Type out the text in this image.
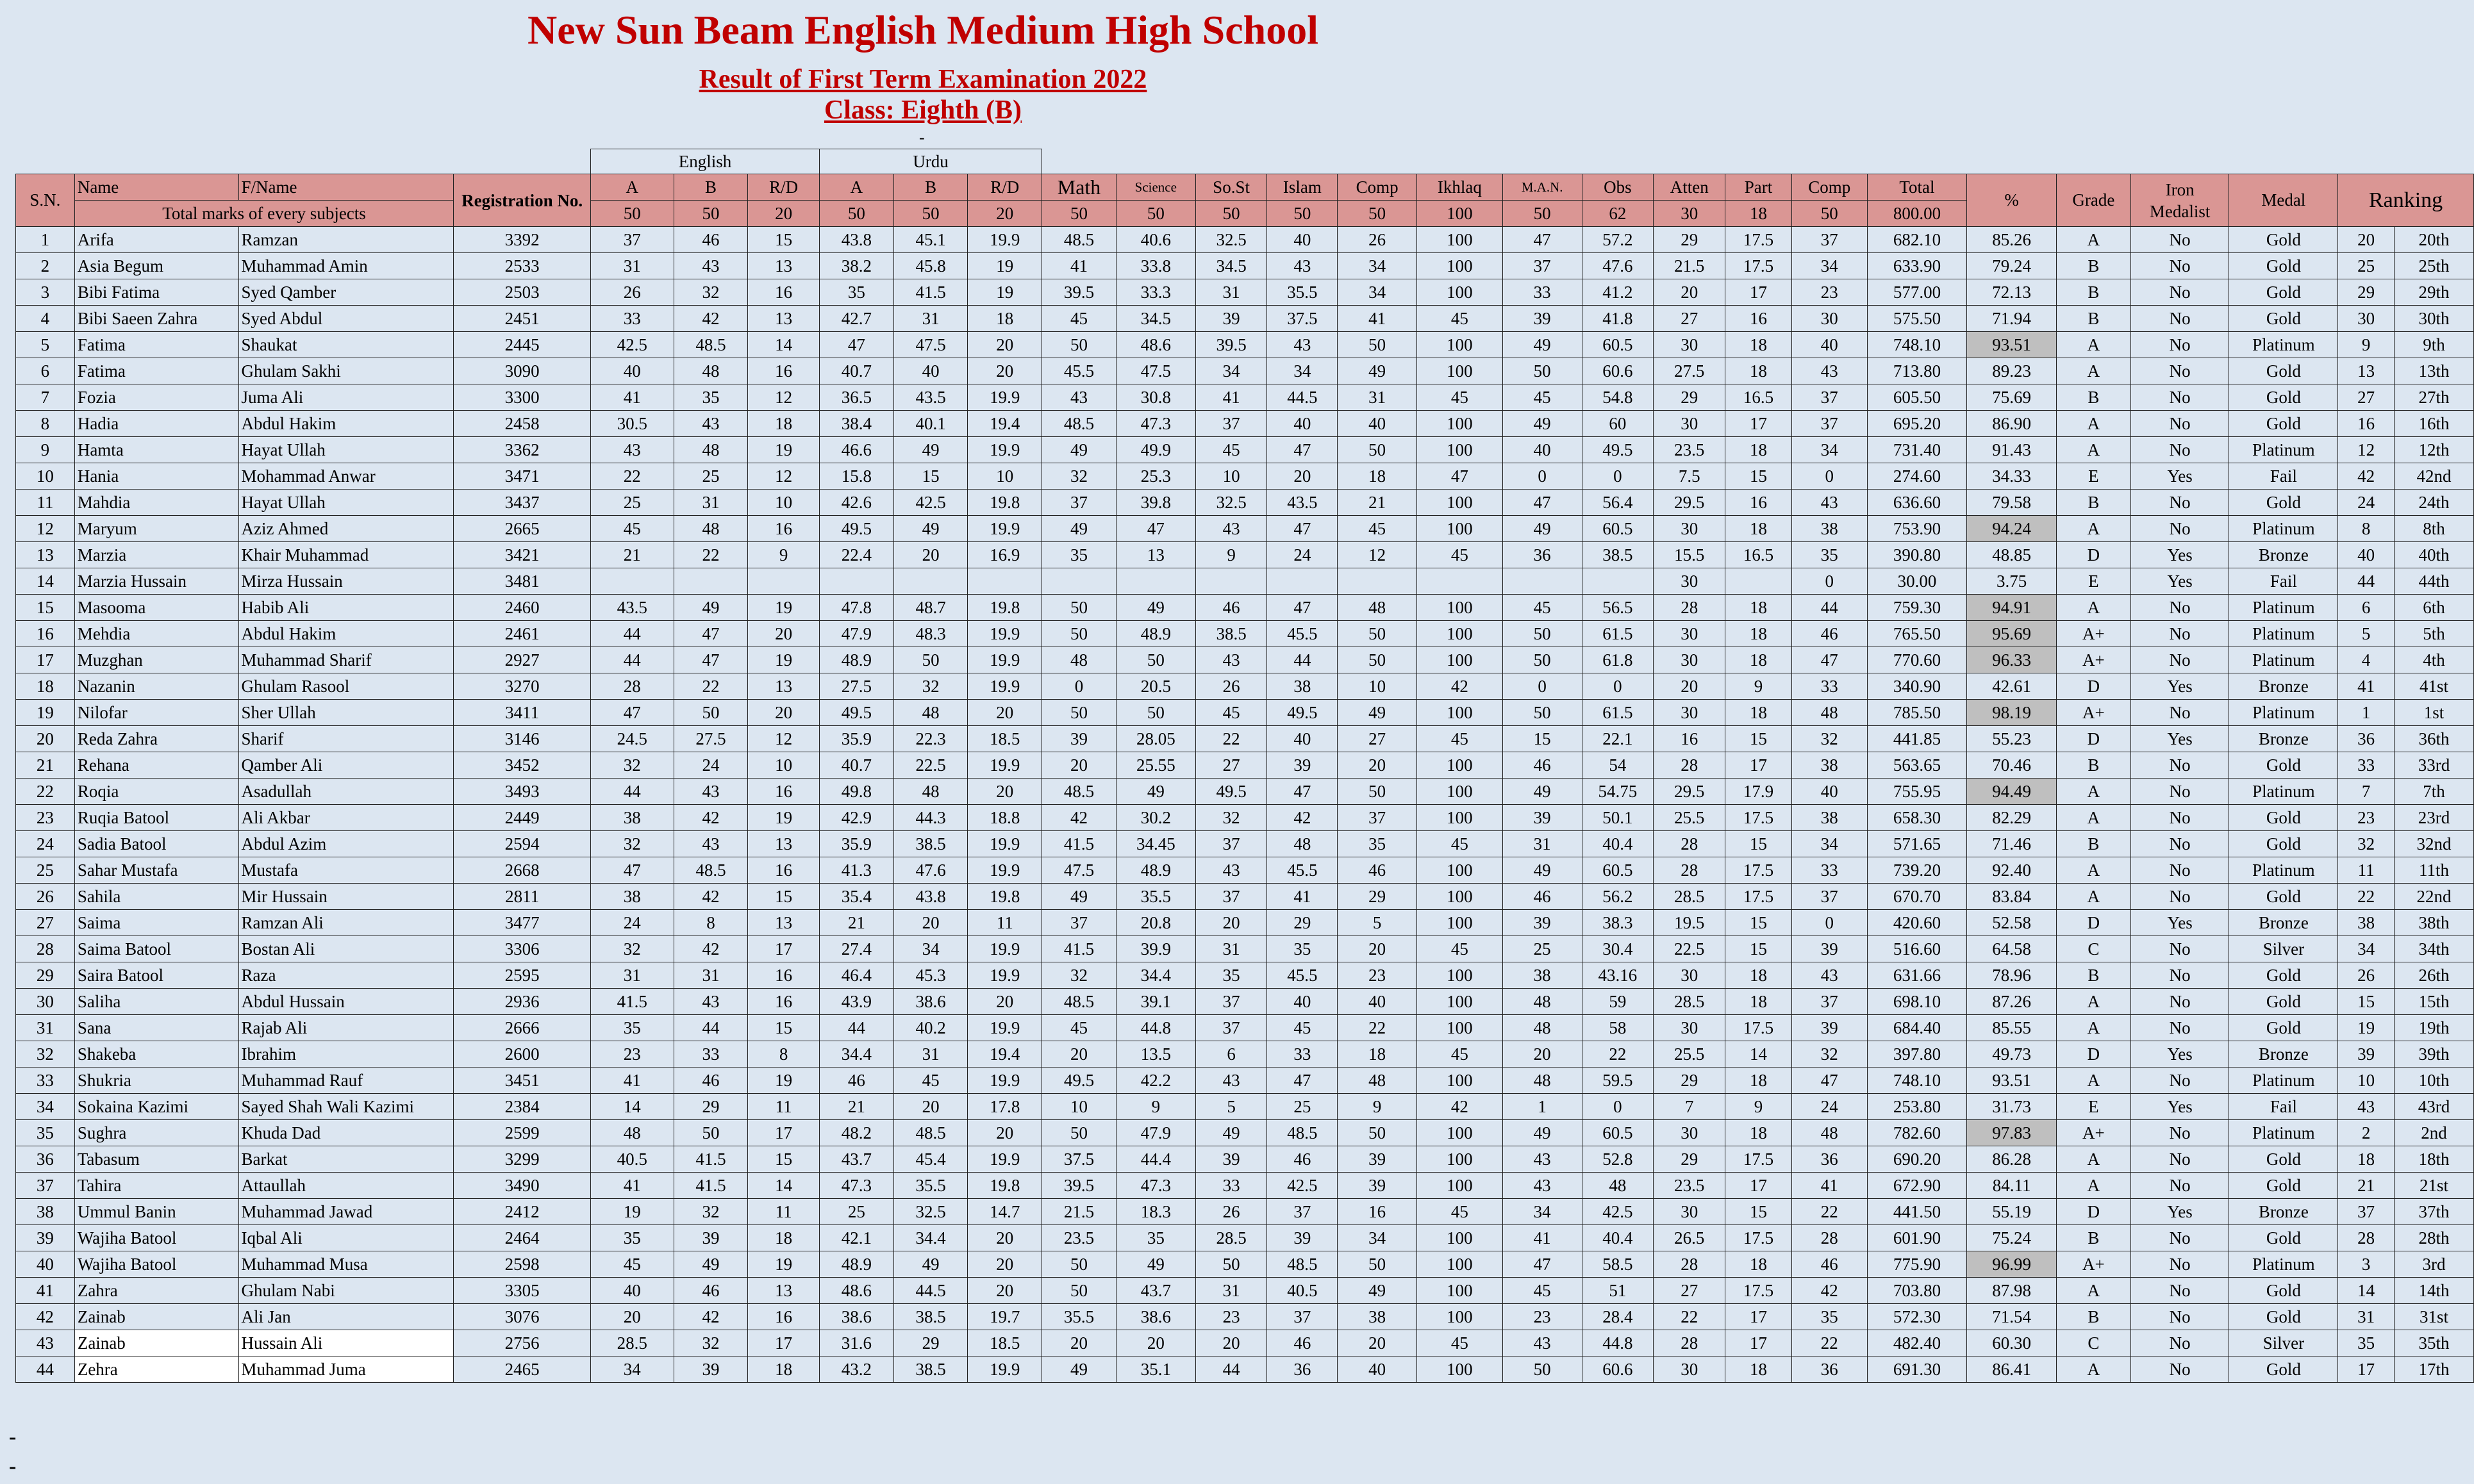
New Sun Beam English Medium High School
Result of First Term Examination 2022
Class: Eighth (B)
-
				English			Urdu																				
S.N.	Name	F/Name	Registration No.	A	B	R/D	A	B	R/D	Math	Science	So.St	Islam	Comp	Ikhlaq	M.A.N.	Obs	Atten	Part	Comp	Total	%	Grade	Iron Medalist	Medal	Ranking	
	Total marks of every subjects			50	50	20	50	50	20	50	50	50	50	50	100	50	62	30	18	50	800.00						
1	Arifa	Ramzan	3392	37	46	15	43.8	45.1	19.9	48.5	40.6	32.5	40	26	100	47	57.2	29	17.5	37	682.10	85.26	A	No	Gold	20	20th
2	Asia Begum	Muhammad Amin	2533	31	43	13	38.2	45.8	19	41	33.8	34.5	43	34	100	37	47.6	21.5	17.5	34	633.90	79.24	B	No	Gold	25	25th
3	Bibi Fatima	Syed Qamber	2503	26	32	16	35	41.5	19	39.5	33.3	31	35.5	34	100	33	41.2	20	17	23	577.00	72.13	B	No	Gold	29	29th
4	Bibi Saeen Zahra	Syed Abdul	2451	33	42	13	42.7	31	18	45	34.5	39	37.5	41	45	39	41.8	27	16	30	575.50	71.94	B	No	Gold	30	30th
5	Fatima	Shaukat	2445	42.5	48.5	14	47	47.5	20	50	48.6	39.5	43	50	100	49	60.5	30	18	40	748.10	93.51	A	No	Platinum	9	9th
6	Fatima	Ghulam Sakhi	3090	40	48	16	40.7	40	20	45.5	47.5	34	34	49	100	50	60.6	27.5	18	43	713.80	89.23	A	No	Gold	13	13th
7	Fozia	Juma Ali	3300	41	35	12	36.5	43.5	19.9	43	30.8	41	44.5	31	45	45	54.8	29	16.5	37	605.50	75.69	B	No	Gold	27	27th
8	Hadia	Abdul Hakim	2458	30.5	43	18	38.4	40.1	19.4	48.5	47.3	37	40	40	100	49	60	30	17	37	695.20	86.90	A	No	Gold	16	16th
9	Hamta	Hayat Ullah	3362	43	48	19	46.6	49	19.9	49	49.9	45	47	50	100	40	49.5	23.5	18	34	731.40	91.43	A	No	Platinum	12	12th
10	Hania	Mohammad Anwar	3471	22	25	12	15.8	15	10	32	25.3	10	20	18	47	0	0	7.5	15	0	274.60	34.33	E	Yes	Fail	42	42nd
11	Mahdia	Hayat Ullah	3437	25	31	10	42.6	42.5	19.8	37	39.8	32.5	43.5	21	100	47	56.4	29.5	16	43	636.60	79.58	B	No	Gold	24	24th
12	Maryum	Aziz Ahmed	2665	45	48	16	49.5	49	19.9	49	47	43	47	45	100	49	60.5	30	18	38	753.90	94.24	A	No	Platinum	8	8th
13	Marzia	Khair Muhammad	3421	21	22	9	22.4	20	16.9	35	13	9	24	12	45	36	38.5	15.5	16.5	35	390.80	48.85	D	Yes	Bronze	40	40th
14	Marzia Hussain	Mirza Hussain	3481															30		0	30.00	3.75	E	Yes	Fail	44	44th
15	Masooma	Habib Ali	2460	43.5	49	19	47.8	48.7	19.8	50	49	46	47	48	100	45	56.5	28	18	44	759.30	94.91	A	No	Platinum	6	6th
16	Mehdia	Abdul Hakim	2461	44	47	20	47.9	48.3	19.9	50	48.9	38.5	45.5	50	100	50	61.5	30	18	46	765.50	95.69	A+	No	Platinum	5	5th
17	Muzghan	Muhammad Sharif	2927	44	47	19	48.9	50	19.9	48	50	43	44	50	100	50	61.8	30	18	47	770.60	96.33	A+	No	Platinum	4	4th
18	Nazanin	Ghulam Rasool	3270	28	22	13	27.5	32	19.9	0	20.5	26	38	10	42	0	0	20	9	33	340.90	42.61	D	Yes	Bronze	41	41st
19	Nilofar	Sher Ullah	3411	47	50	20	49.5	48	20	50	50	45	49.5	49	100	50	61.5	30	18	48	785.50	98.19	A+	No	Platinum	1	1st
20	Reda Zahra	Sharif	3146	24.5	27.5	12	35.9	22.3	18.5	39	28.05	22	40	27	45	15	22.1	16	15	32	441.85	55.23	D	Yes	Bronze	36	36th
21	Rehana	Qamber Ali	3452	32	24	10	40.7	22.5	19.9	20	25.55	27	39	20	100	46	54	28	17	38	563.65	70.46	B	No	Gold	33	33rd
22	Roqia	Asadullah	3493	44	43	16	49.8	48	20	48.5	49	49.5	47	50	100	49	54.75	29.5	17.9	40	755.95	94.49	A	No	Platinum	7	7th
23	Ruqia Batool	Ali Akbar	2449	38	42	19	42.9	44.3	18.8	42	30.2	32	42	37	100	39	50.1	25.5	17.5	38	658.30	82.29	A	No	Gold	23	23rd
24	Sadia Batool	Abdul Azim	2594	32	43	13	35.9	38.5	19.9	41.5	34.45	37	48	35	45	31	40.4	28	15	34	571.65	71.46	B	No	Gold	32	32nd
25	Sahar Mustafa	Mustafa	2668	47	48.5	16	41.3	47.6	19.9	47.5	48.9	43	45.5	46	100	49	60.5	28	17.5	33	739.20	92.40	A	No	Platinum	11	11th
26	Sahila	Mir Hussain	2811	38	42	15	35.4	43.8	19.8	49	35.5	37	41	29	100	46	56.2	28.5	17.5	37	670.70	83.84	A	No	Gold	22	22nd
27	Saima	Ramzan Ali	3477	24	8	13	21	20	11	37	20.8	20	29	5	100	39	38.3	19.5	15	0	420.60	52.58	D	Yes	Bronze	38	38th
28	Saima Batool	Bostan Ali	3306	32	42	17	27.4	34	19.9	41.5	39.9	31	35	20	45	25	30.4	22.5	15	39	516.60	64.58	C	No	Silver	34	34th
29	Saira Batool	Raza	2595	31	31	16	46.4	45.3	19.9	32	34.4	35	45.5	23	100	38	43.16	30	18	43	631.66	78.96	B	No	Gold	26	26th
30	Saliha	Abdul Hussain	2936	41.5	43	16	43.9	38.6	20	48.5	39.1	37	40	40	100	48	59	28.5	18	37	698.10	87.26	A	No	Gold	15	15th
31	Sana	Rajab Ali	2666	35	44	15	44	40.2	19.9	45	44.8	37	45	22	100	48	58	30	17.5	39	684.40	85.55	A	No	Gold	19	19th
32	Shakeba	Ibrahim	2600	23	33	8	34.4	31	19.4	20	13.5	6	33	18	45	20	22	25.5	14	32	397.80	49.73	D	Yes	Bronze	39	39th
33	Shukria	Muhammad Rauf	3451	41	46	19	46	45	19.9	49.5	42.2	43	47	48	100	48	59.5	29	18	47	748.10	93.51	A	No	Platinum	10	10th
34	Sokaina Kazimi	Sayed Shah Wali Kazimi	2384	14	29	11	21	20	17.8	10	9	5	25	9	42	1	0	7	9	24	253.80	31.73	E	Yes	Fail	43	43rd
35	Sughra	Khuda Dad	2599	48	50	17	48.2	48.5	20	50	47.9	49	48.5	50	100	49	60.5	30	18	48	782.60	97.83	A+	No	Platinum	2	2nd
36	Tabasum	Barkat	3299	40.5	41.5	15	43.7	45.4	19.9	37.5	44.4	39	46	39	100	43	52.8	29	17.5	36	690.20	86.28	A	No	Gold	18	18th
37	Tahira	Attaullah	3490	41	41.5	14	47.3	35.5	19.8	39.5	47.3	33	42.5	39	100	43	48	23.5	17	41	672.90	84.11	A	No	Gold	21	21st
38	Ummul Banin	Muhammad Jawad	2412	19	32	11	25	32.5	14.7	21.5	18.3	26	37	16	45	34	42.5	30	15	22	441.50	55.19	D	Yes	Bronze	37	37th
39	Wajiha Batool	Iqbal Ali	2464	35	39	18	42.1	34.4	20	23.5	35	28.5	39	34	100	41	40.4	26.5	17.5	28	601.90	75.24	B	No	Gold	28	28th
40	Wajiha Batool	Muhammad Musa	2598	45	49	19	48.9	49	20	50	49	50	48.5	50	100	47	58.5	28	18	46	775.90	96.99	A+	No	Platinum	3	3rd
41	Zahra	Ghulam Nabi	3305	40	46	13	48.6	44.5	20	50	43.7	31	40.5	49	100	45	51	27	17.5	42	703.80	87.98	A	No	Gold	14	14th
42	Zainab	Ali Jan	3076	20	42	16	38.6	38.5	19.7	35.5	38.6	23	37	38	100	23	28.4	22	17	35	572.30	71.54	B	No	Gold	31	31st
43	Zainab	Hussain Ali	2756	28.5	32	17	31.6	29	18.5	20	20	20	46	20	45	43	44.8	28	17	22	482.40	60.30	C	No	Silver	35	35th
44	Zehra	Muhammad Juma	2465	34	39	18	43.2	38.5	19.9	49	35.1	44	36	40	100	50	60.6	30	18	36	691.30	86.41	A	No	Gold	17	17th
-
-
